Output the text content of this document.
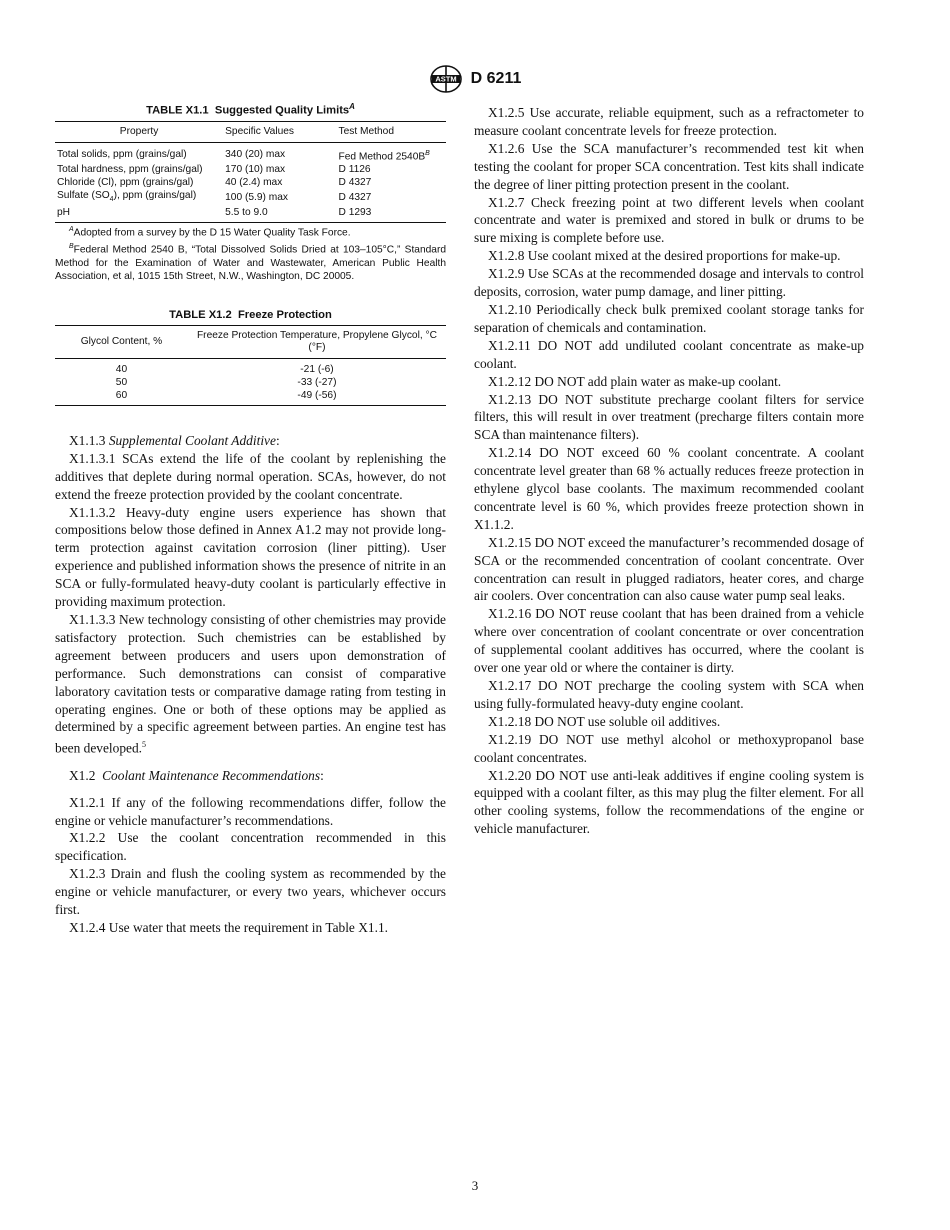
ASTM D 6211
TABLE X1.1 Suggested Quality Limits$^A$
Property	Specific Values	Test Method
Total solids, ppm (grains/gal)	340 (20) max	Fed Method $2540B^B$
Total hardness, ppm (grains/gal)	170 (10) max	D 1126
Chloride (Cl), ppm (grains/gal)	40 (2.4) max	D 4327
Sulfate $(SO_4)$, ppm (grains/gal)	100 (5.9) max	D 4327
pH	5.5 to 9.0	D 1293

$^A$Adopted from a survey by the D 15 Water Quality Task Force.

$^B$Federal Method 2540 B, “Total Dissolved Solids Dried at 103–105°C,” Standard Method for the Examination of Water and Wastewater, American Public Health Association, et al, 1015 15th Street, N.W., Washington, DC 20005.

TABLE X1.2 Freeze Protection
Glycol Content, %	Freeze Protection Temperature, Propylene Glycol, °C (°F)
40	-21 (-6)
50	-33 (-27)
60	-49 (-56)

X1.1.3 Supplemental Coolant Additive:

X1.1.3.1 SCAs extend the life of the coolant by replenishing the additives that deplete during normal operation. SCAs, however, do not extend the freeze protection provided by the coolant concentrate.

X1.1.3.2 Heavy-duty engine users experience has shown that compositions below those defined in Annex A1.2 may not provide long-term protection against cavitation corrosion (liner pitting). User experience and published information shows the presence of nitrite in an SCA or fully-formulated heavy-duty coolant is particularly effective in providing maximum protection.

X1.1.3.3 New technology consisting of other chemistries may provide satisfactory protection. Such chemistries can be established by agreement between producers and users upon demonstration of performance. Such demonstrations can consist of comparative laboratory cavitation tests or comparative damage rating from testing in operating engines. One or both of these options may be applied as determined by a specific agreement between parties. An engine test has been developed.$^5$

X1.2 Coolant Maintenance Recommendations:

X1.2.1 If any of the following recommendations differ, follow the engine or vehicle manufacturer’s recommendations.

X1.2.2 Use the coolant concentration recommended in this specification.

X1.2.3 Drain and flush the cooling system as recommended by the engine or vehicle manufacturer, or every two years, whichever occurs first.

X1.2.4 Use water that meets the requirement in Table X1.1.

X1.2.5 Use accurate, reliable equipment, such as a refractometer to measure coolant concentrate levels for freeze protection.

X1.2.6 Use the SCA manufacturer’s recommended test kit when testing the coolant for proper SCA concentration. Test kits shall indicate the degree of liner pitting protection present in the coolant.

X1.2.7 Check freezing point at two different levels when coolant concentrate and water is premixed and stored in bulk or drums to be sure mixing is complete before use.

X1.2.8 Use coolant mixed at the desired proportions for make-up.

X1.2.9 Use SCAs at the recommended dosage and intervals to control deposits, corrosion, water pump damage, and liner pitting.

X1.2.10 Periodically check bulk premixed coolant storage tanks for separation of chemicals and contamination.

X1.2.11 DO NOT add undiluted coolant concentrate as make-up coolant.

X1.2.12 DO NOT add plain water as make-up coolant.

X1.2.13 DO NOT substitute precharge coolant filters for service filters, this will result in over treatment (precharge filters contain more SCA than maintenance filters).

X1.2.14 DO NOT exceed 60 % coolant concentrate. A coolant concentrate level greater than 68 % actually reduces freeze protection in ethylene glycol base coolants. The maximum recommended coolant concentrate level is 60 %, which provides freeze protection shown in X1.1.2.

X1.2.15 DO NOT exceed the manufacturer’s recommended dosage of SCA or the recommended concentration of coolant concentrate. Over concentration can result in plugged radiators, heater cores, and charge air coolers. Over concentration can also cause water pump seal leaks.

X1.2.16 DO NOT reuse coolant that has been drained from a vehicle where over concentration of coolant concentrate or over concentration of supplemental coolant additives has occurred, where the coolant is over one year old or where the container is dirty.

X1.2.17 DO NOT precharge the cooling system with SCA when using fully-formulated heavy-duty engine coolant.

X1.2.18 DO NOT use soluble oil additives.

X1.2.19 DO NOT use methyl alcohol or methoxypropanol base coolant concentrates.

X1.2.20 DO NOT use anti-leak additives if engine cooling system is equipped with a coolant filter, as this may plug the filter element. For all other cooling systems, follow the recommendations of the engine or vehicle manufacturer.

3
